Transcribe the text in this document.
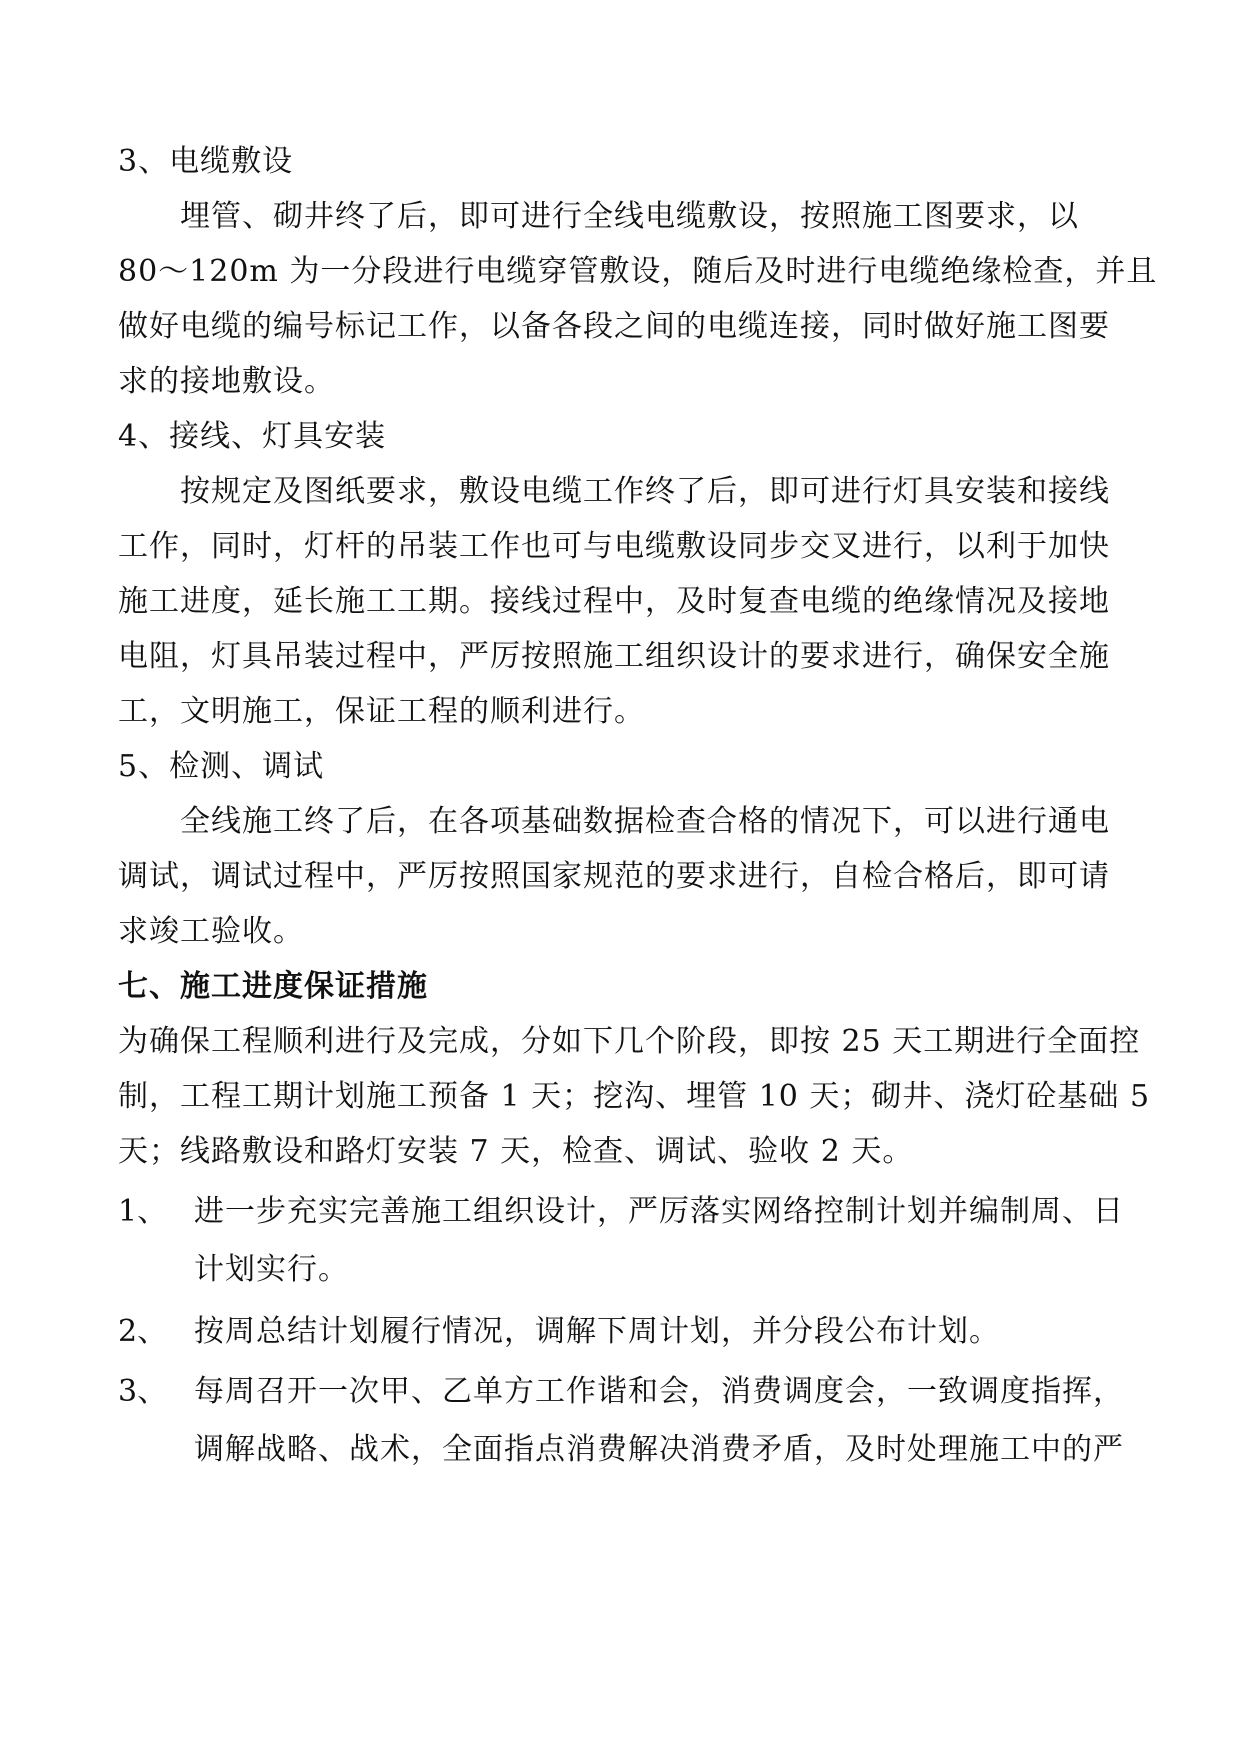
3、电缆敷设
埋管、砌井终了后，即可进行全线电缆敷设，按照施工图要求，以
80～120m 为一分段进行电缆穿管敷设，随后及时进行电缆绝缘检查，并且
做好电缆的编号标记工作，以备各段之间的电缆连接，同时做好施工图要
求的接地敷设。
4、接线、灯具安装
按规定及图纸要求，敷设电缆工作终了后，即可进行灯具安装和接线
工作，同时，灯杆的吊装工作也可与电缆敷设同步交叉进行，以利于加快
施工进度，延长施工工期。接线过程中，及时复查电缆的绝缘情况及接地
电阻，灯具吊装过程中，严厉按照施工组织设计的要求进行，确保安全施
工，文明施工，保证工程的顺利进行。
5、检测、调试
全线施工终了后，在各项基础数据检查合格的情况下，可以进行通电
调试，调试过程中，严厉按照国家规范的要求进行，自检合格后，即可请
求竣工验收。
七、施工进度保证措施
为确保工程顺利进行及完成，分如下几个阶段，即按 25 天工期进行全面控
制，工程工期计划施工预备 1 天；挖沟、埋管 10 天；砌井、浇灯砼基础 5
天；线路敷设和路灯安装 7 天，检查、调试、验收 2 天。
1、 进一步充实完善施工组织设计，严厉落实网络控制计划并编制周、日
计划实行。
2、 按周总结计划履行情况，调解下周计划，并分段公布计划。
3、 每周召开一次甲、乙单方工作谐和会，消费调度会，一致调度指挥，
调解战略、战术，全面指点消费解决消费矛盾，及时处理施工中的严
